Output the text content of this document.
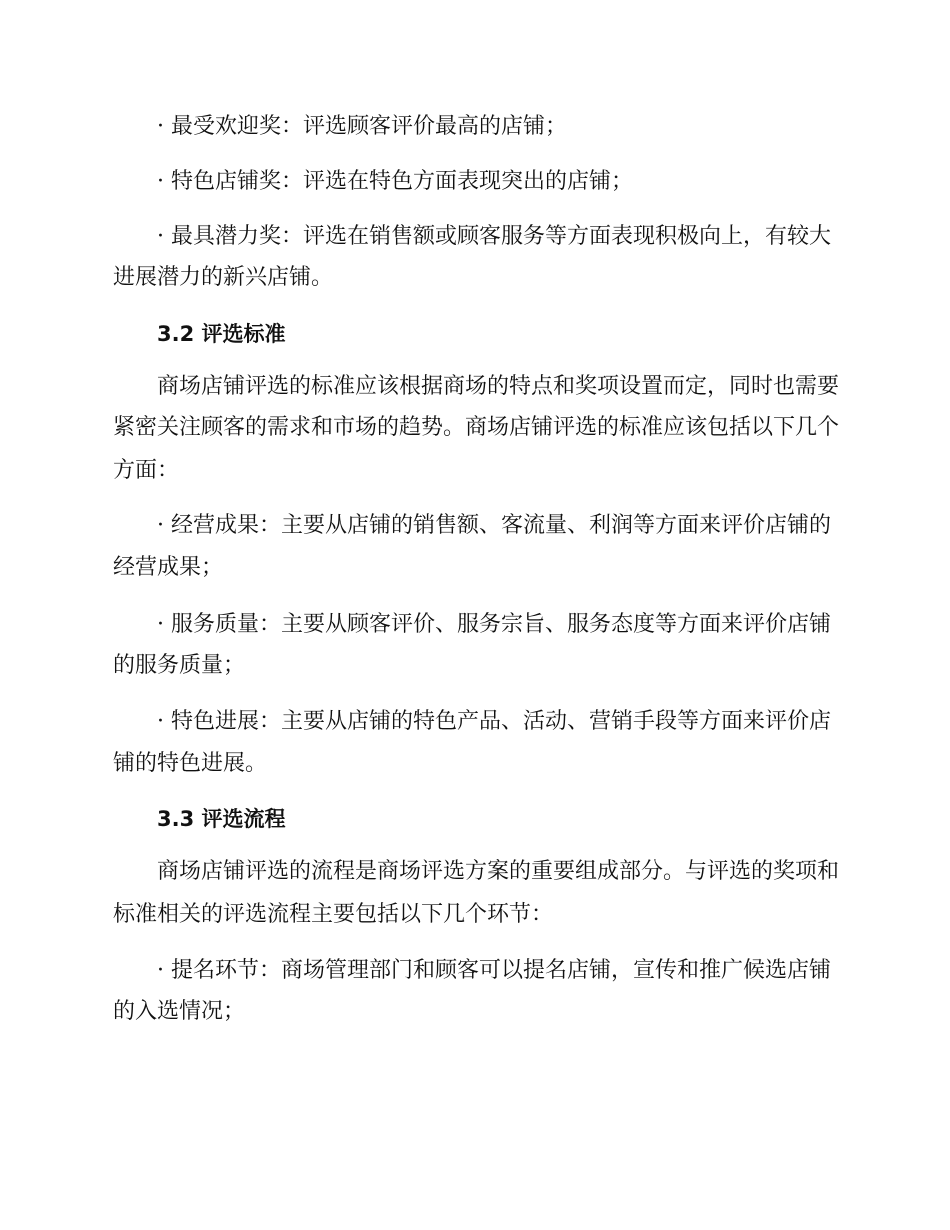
· 最受欢迎奖：评选顾客评价最高的店铺；
· 特色店铺奖：评选在特色方面表现突出的店铺；
· 最具潜力奖：评选在销售额或顾客服务等方面表现积极向上，有较大
进展潜力的新兴店铺。
3.2 评选标准
商场店铺评选的标准应该根据商场的特点和奖项设置而定，同时也需要
紧密关注顾客的需求和市场的趋势。商场店铺评选的标准应该包括以下几个
方面：
· 经营成果：主要从店铺的销售额、客流量、利润等方面来评价店铺的
经营成果；
· 服务质量：主要从顾客评价、服务宗旨、服务态度等方面来评价店铺
的服务质量；
· 特色进展：主要从店铺的特色产品、活动、营销手段等方面来评价店
铺的特色进展。
3.3 评选流程
商场店铺评选的流程是商场评选方案的重要组成部分。与评选的奖项和
标准相关的评选流程主要包括以下几个环节：
· 提名环节：商场管理部门和顾客可以提名店铺，宣传和推广候选店铺
的入选情况；
